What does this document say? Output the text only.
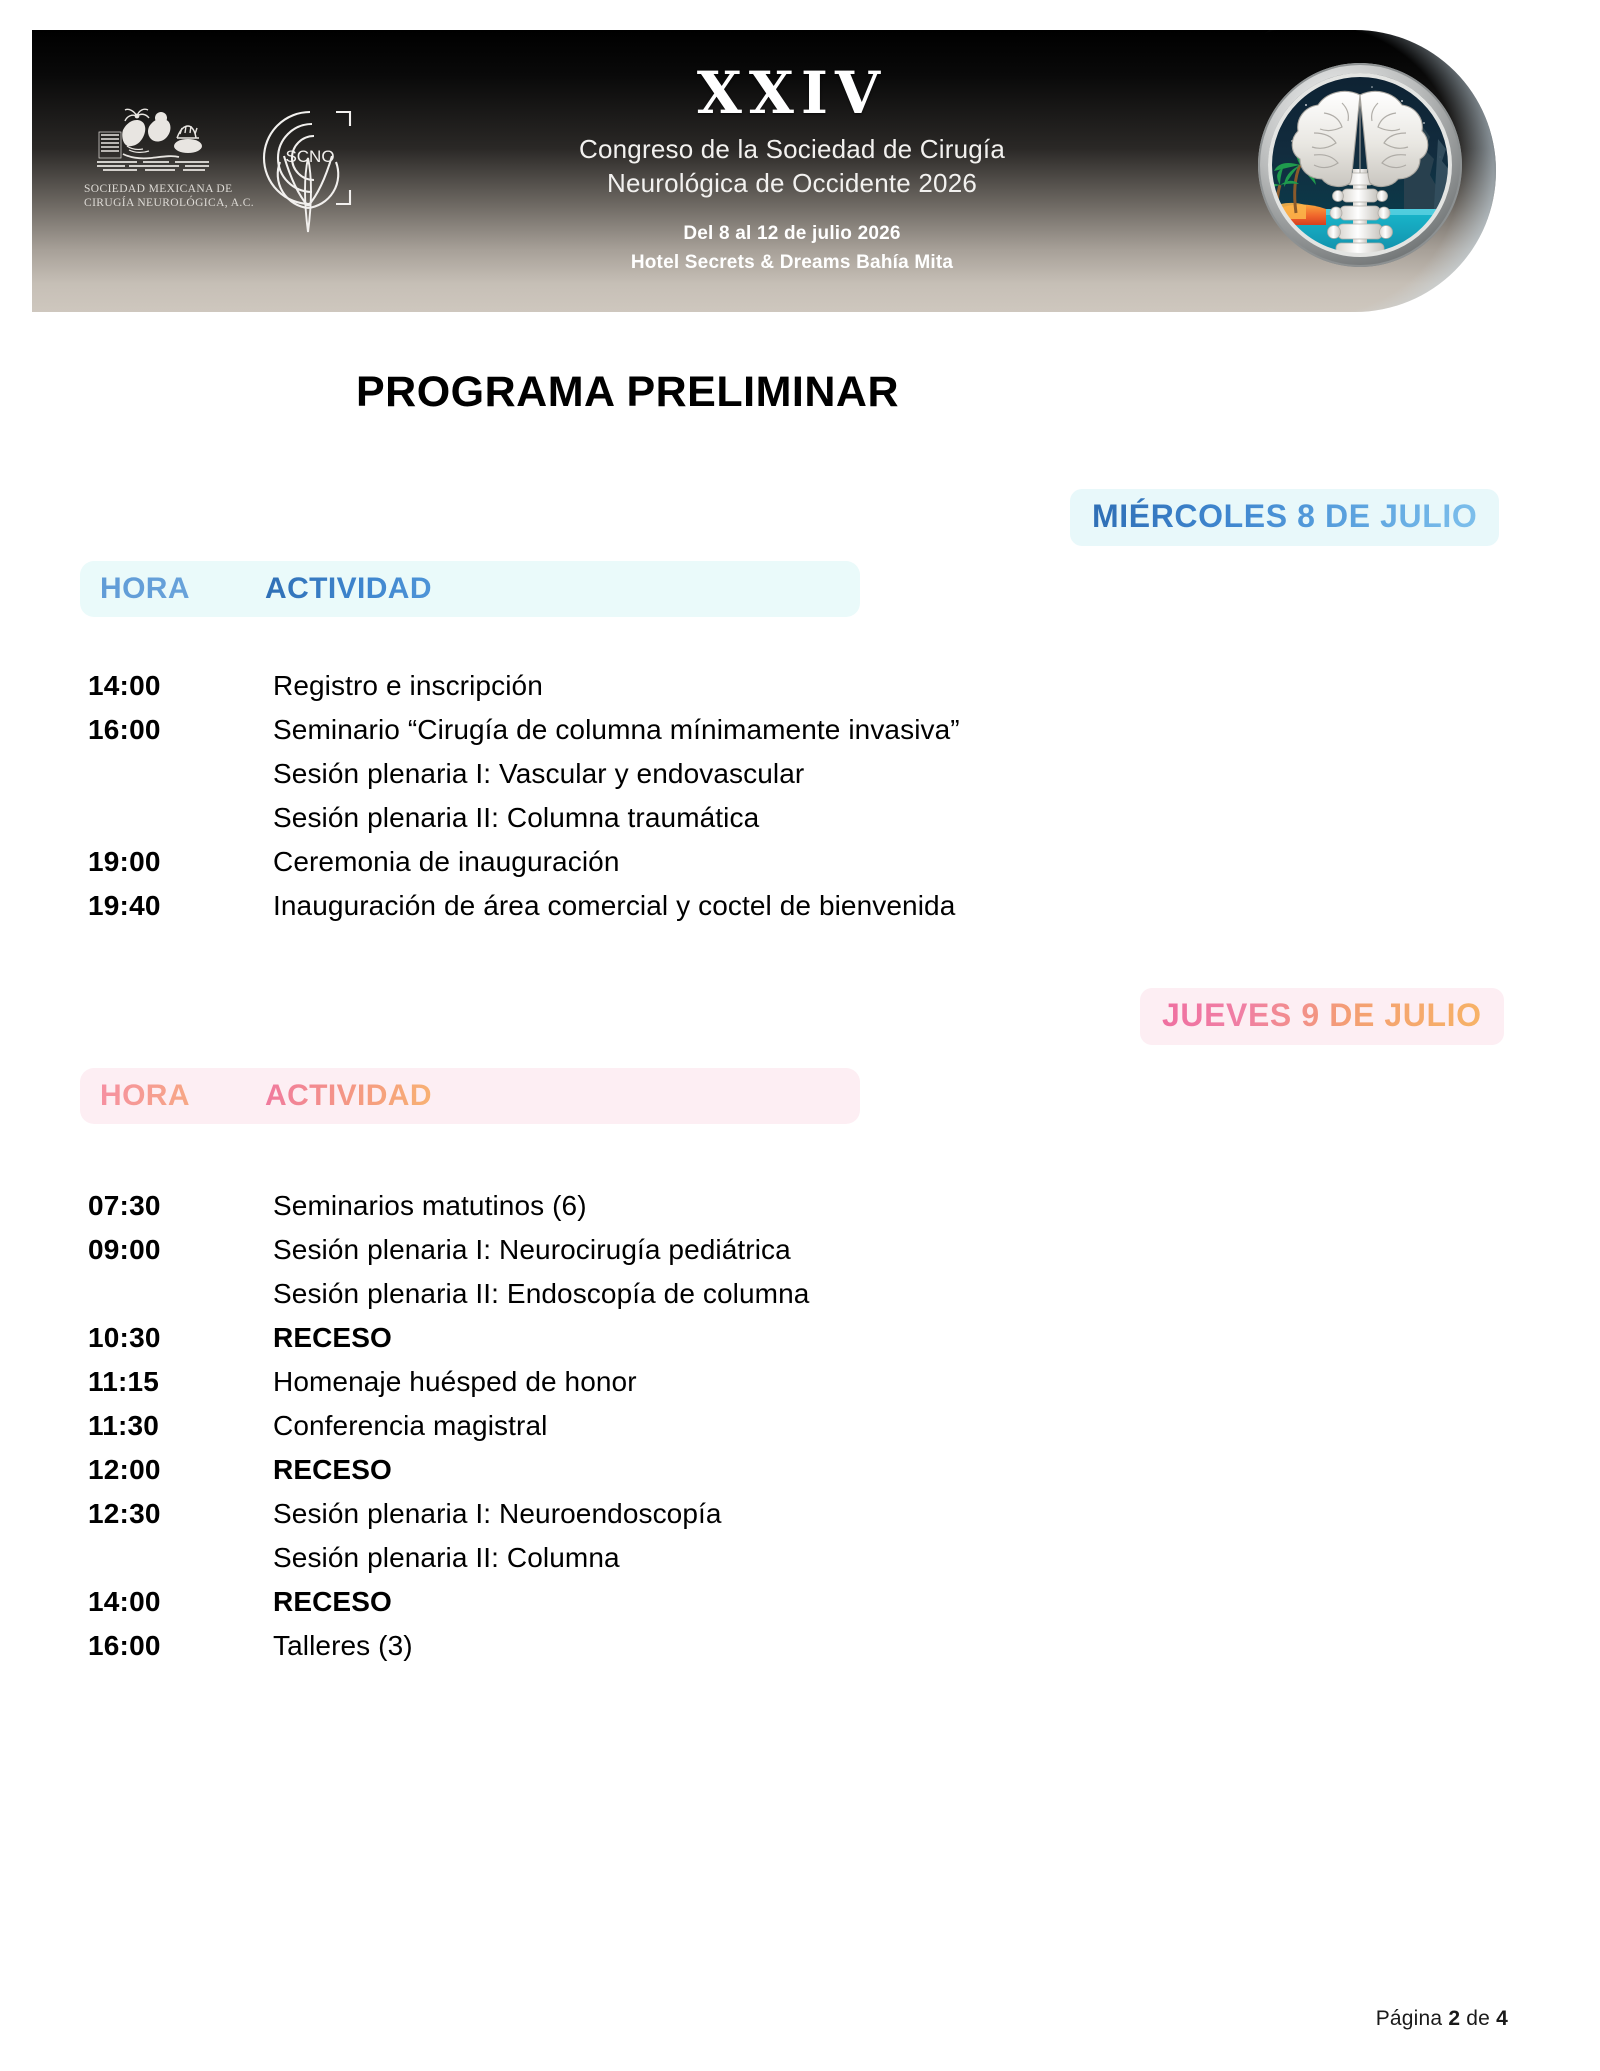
SOCIEDAD MEXICANA DE
CIRUGÍA NEUROLÓGICA, A.C.
SCNO
XXIV
Congreso de la Sociedad de Cirugía
Neurológica de Occidente 2026
Del 8 al 12 de julio 2026
Hotel Secrets & Dreams Bahía Mita
PROGRAMA PRELIMINAR
MIÉRCOLES 8 DE JULIO
HORA	ACTIVIDAD
14:00	Registro e inscripción
16:00	Seminario “Cirugía de columna mínimamente invasiva”
Sesión plenaria I: Vascular y endovascular
Sesión plenaria II: Columna traumática
19:00	Ceremonia de inauguración
19:40	Inauguración de área comercial y coctel de bienvenida
JUEVES 9 DE JULIO
HORA	ACTIVIDAD
07:30	Seminarios matutinos (6)
09:00	Sesión plenaria I: Neurocirugía pediátrica
Sesión plenaria II: Endoscopía de columna
10:30	RECESO
11:15	Homenaje huésped de honor
11:30	Conferencia magistral
12:00	RECESO
12:30	Sesión plenaria I: Neuroendoscopía
Sesión plenaria II: Columna
14:00	RECESO
16:00	Talleres (3)
Página 2 de 4
